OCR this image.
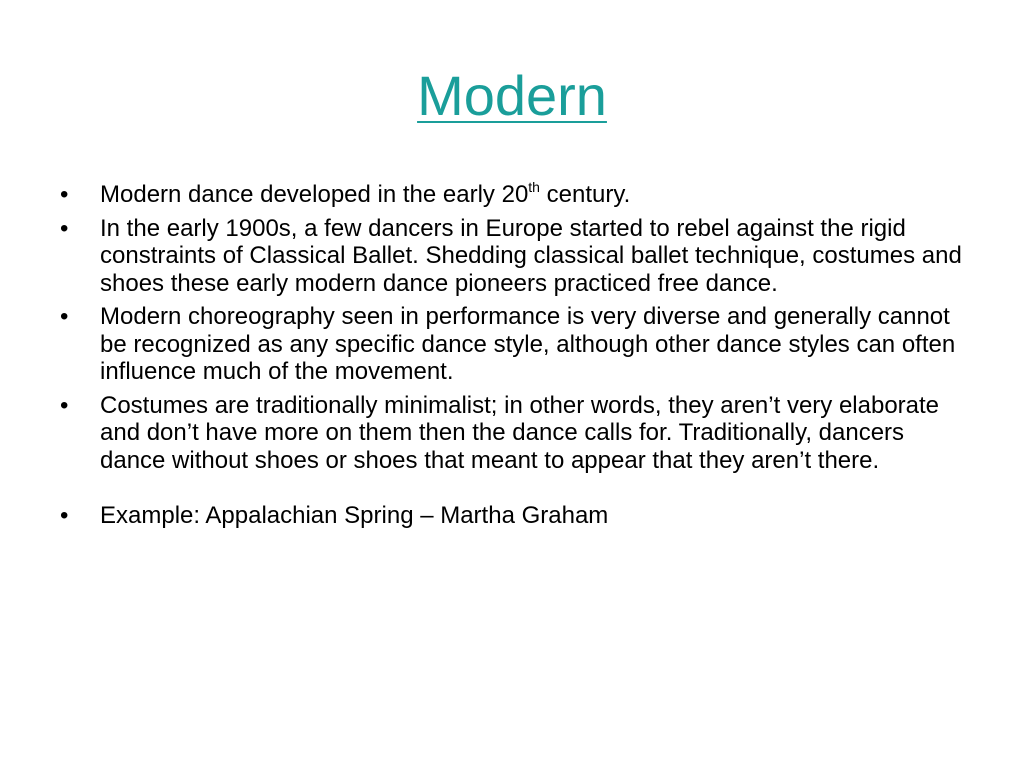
Modern
•	Modern dance developed in the early 20th century.
•	In the early 1900s, a few dancers in Europe started to rebel against the rigid constraints of Classical Ballet. Shedding classical ballet technique, costumes and shoes these early modern dance pioneers practiced free dance.
•	Modern choreography seen in performance is very diverse and generally cannot be recognized as any specific dance style, although other dance styles can often influence much of the movement.
•	Costumes are traditionally minimalist; in other words, they aren’t very elaborate and don’t have more on them then the dance calls for. Traditionally, dancers dance without shoes or shoes that meant to appear that they aren’t there.
•	Example: Appalachian Spring – Martha Graham
